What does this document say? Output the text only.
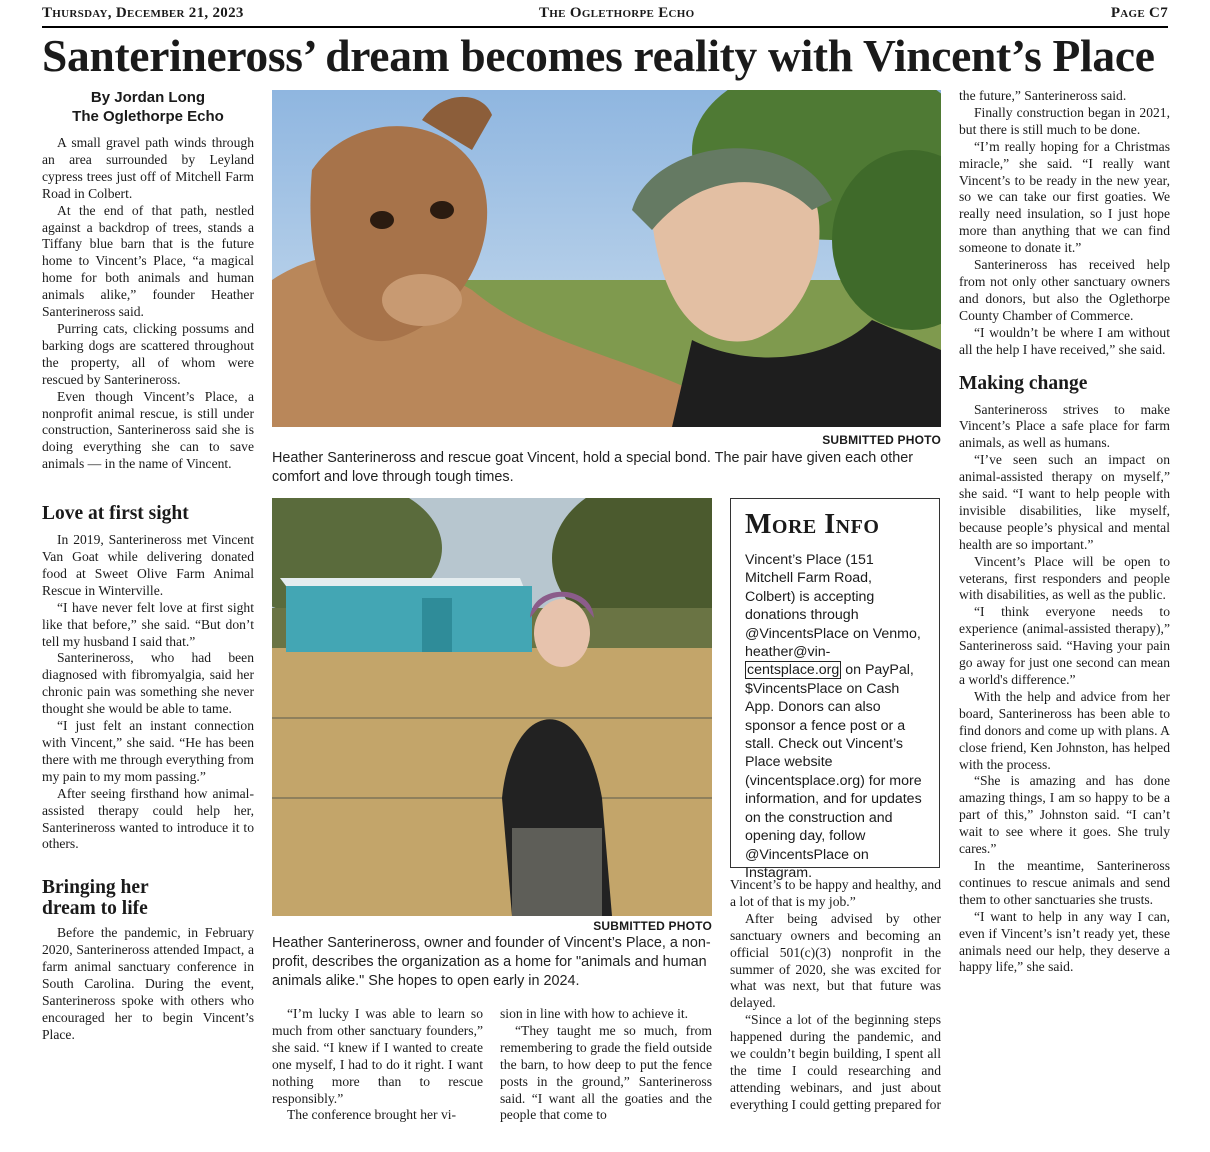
Thursday, December 21, 2023	The Oglethorpe Echo	Page C7
Santerineross’ dream becomes reality with Vincent’s Place
By Jordan Long
The Oglethorpe Echo

A small gravel path winds through an area surrounded by Leyland cypress trees just off of Mitchell Farm Road in Colbert.

At the end of that path, nestled against a backdrop of trees, stands a Tiffany blue barn that is the future home to Vincent’s Place, “a magical home for both animals and human animals alike,” founder Heather Santerineross said.

Purring cats, clicking possums and barking dogs are scattered throughout the property, all of whom were rescued by Santerineross.

Even though Vincent’s Place, a nonprofit animal rescue, is still under construction, Santerineross said she is doing everything she can to save animals — in the name of Vincent.

Love at first sight

In 2019, Santerineross met Vincent Van Goat while delivering donated food at Sweet Olive Farm Animal Rescue in Winterville.

“I have never felt love at first sight like that before,” she said. “But don’t tell my husband I said that.”

Santerineross, who had been diagnosed with fibromyalgia, said her chronic pain was something she never thought she would be able to tame.

“I just felt an instant connection with Vincent,” she said. “He has been there with me through everything from my pain to my mom passing.”

After seeing firsthand how animal-assisted therapy could help her, Santerineross wanted to introduce it to others.

Bringing her
dream to life

Before the pandemic, in February 2020, Santerineross attended Impact, a farm animal sanctuary conference in South Carolina. During the event, Santerineross spoke with others who encouraged her to begin Vincent’s Place.

SUBMITTED PHOTO
Heather Santerineross and rescue goat Vincent, hold a special bond. The pair have given each other comfort and love through tough times.
SUBMITTED PHOTO
Heather Santerineross, owner and founder of Vincent’s Place, a non-profit, describes the organization as a home for "animals and human animals alike." She hopes to open early in 2024.

“I’m lucky I was able to learn so much from other sanctuary founders,” she said. “I knew if I wanted to create one myself, I had to do it right. I want nothing more than to rescue responsibly.”

The conference brought her vi-

sion in line with how to achieve it.

“They taught me so much, from remembering to grade the field outside the barn, to how deep to put the fence posts in the ground,” Santerineross said. “I want all the goaties and the people that come to

More Info

Vincent’s Place (151 Mitchell Farm Road, Colbert) is accepting donations through @VincentsPlace on Venmo, heather@vin-centsplace.org on PayPal, $VincentsPlace on Cash App. Donors can also sponsor a fence post or a stall. Check out Vincent’s Place website (vincentsplace.org) for more information, and for updates on the construction and opening day, follow @VincentsPlace on Instagram.

Vincent’s to be happy and healthy, and a lot of that is my job.”

After being advised by other sanctuary owners and becoming an official 501(c)(3) nonprofit in the summer of 2020, she was excited for what was next, but that future was delayed.

“Since a lot of the beginning steps happened during the pandemic, and we couldn’t begin building, I spent all the time I could researching and attending webinars, and just about everything I could getting prepared for

the future,” Santerineross said.

Finally construction began in 2021, but there is still much to be done.

“I’m really hoping for a Christmas miracle,” she said. “I really want Vincent’s to be ready in the new year, so we can take our first goaties. We really need insulation, so I just hope more than anything that we can find someone to donate it.”

Santerineross has received help from not only other sanctuary owners and donors, but also the Oglethorpe County Chamber of Commerce.

“I wouldn’t be where I am without all the help I have received,” she said.

Making change

Santerineross strives to make Vincent’s Place a safe place for farm animals, as well as humans.

“I’ve seen such an impact on animal-assisted therapy on myself,” she said. “I want to help people with invisible disabilities, like myself, because people’s physical and mental health are so important.”

Vincent’s Place will be open to veterans, first responders and people with disabilities, as well as the public.

“I think everyone needs to experience (animal-assisted therapy),” Santerineross said. “Having your pain go away for just one second can mean a world's difference.”

With the help and advice from her board, Santerineross has been able to find donors and come up with plans. A close friend, Ken Johnston, has helped with the process.

“She is amazing and has done amazing things, I am so happy to be a part of this,” Johnston said. “I can’t wait to see where it goes. She truly cares.”

In the meantime, Santerineross continues to rescue animals and send them to other sanctuaries she trusts.

“I want to help in any way I can, even if Vincent’s isn’t ready yet, these animals need our help, they deserve a happy life,” she said.
